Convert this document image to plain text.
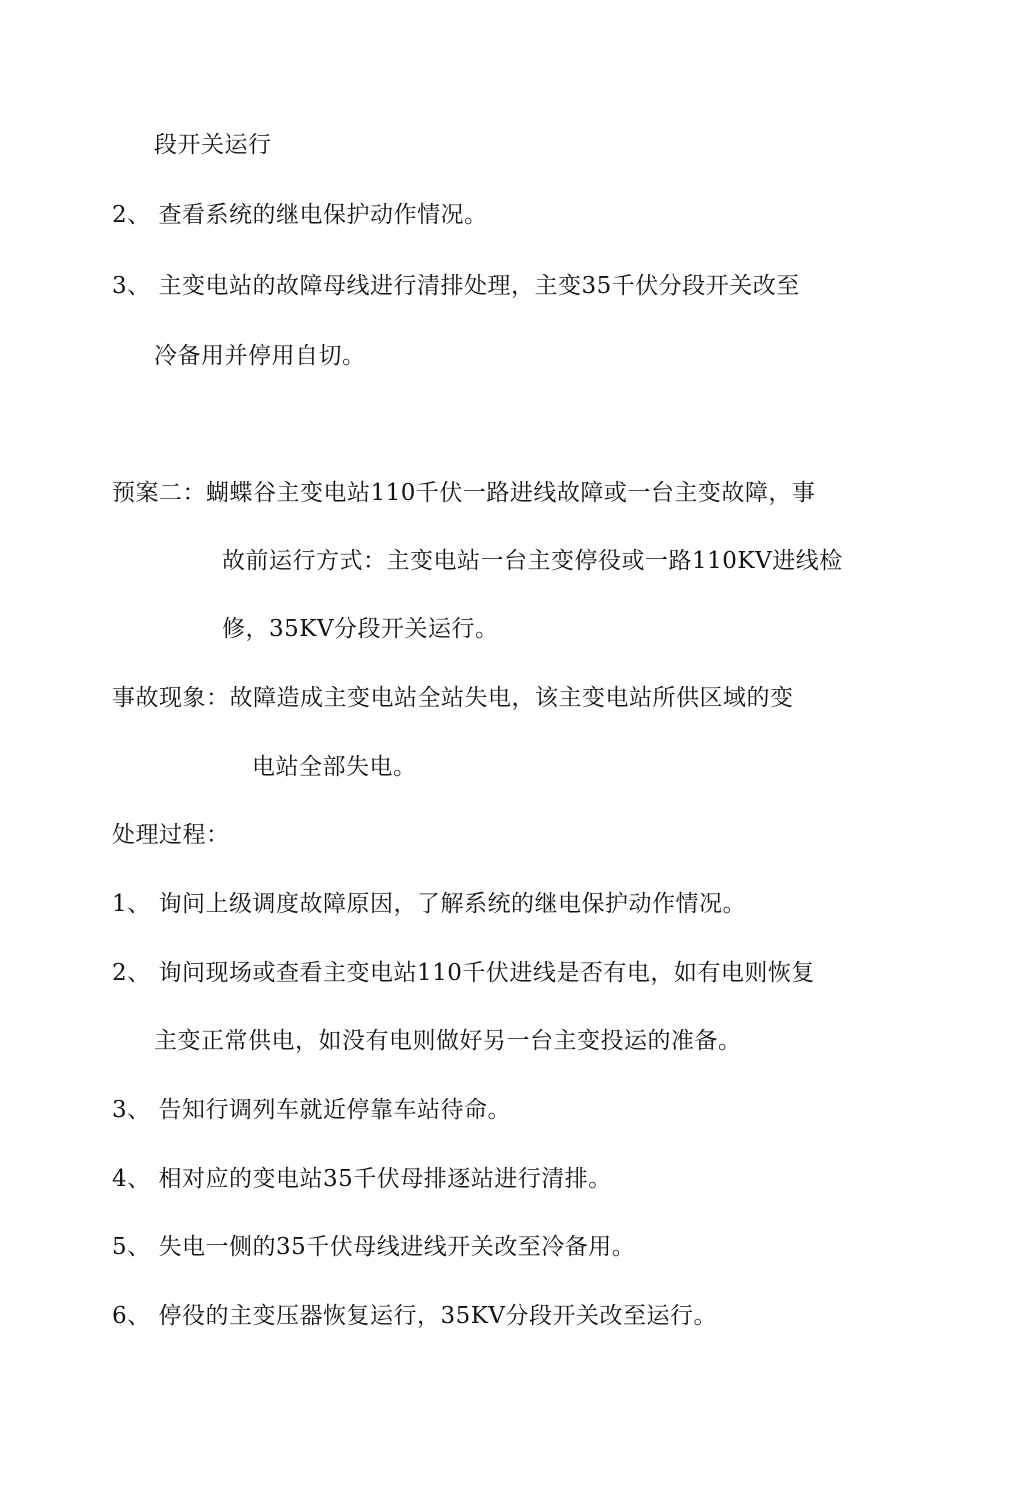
段开关运行
2、 查看系统的继电保护动作情况。
3、 主变电站的故障母线进行清排处理，主变35千伏分段开关改至
冷备用并停用自切。
预案二：蝴蝶谷主变电站110千伏一路进线故障或一台主变故障，事
故前运行方式：主变电站一台主变停役或一路110KV进线检
修，35KV分段开关运行。
事故现象：故障造成主变电站全站失电，该主变电站所供区域的变
电站全部失电。
处理过程：
1、 询问上级调度故障原因，了解系统的继电保护动作情况。
2、 询问现场或查看主变电站110千伏进线是否有电，如有电则恢复
主变正常供电，如没有电则做好另一台主变投运的准备。
3、 告知行调列车就近停靠车站待命。
4、 相对应的变电站35千伏母排逐站进行清排。
5、 失电一侧的35千伏母线进线开关改至冷备用。
6、 停役的主变压器恢复运行，35KV分段开关改至运行。
